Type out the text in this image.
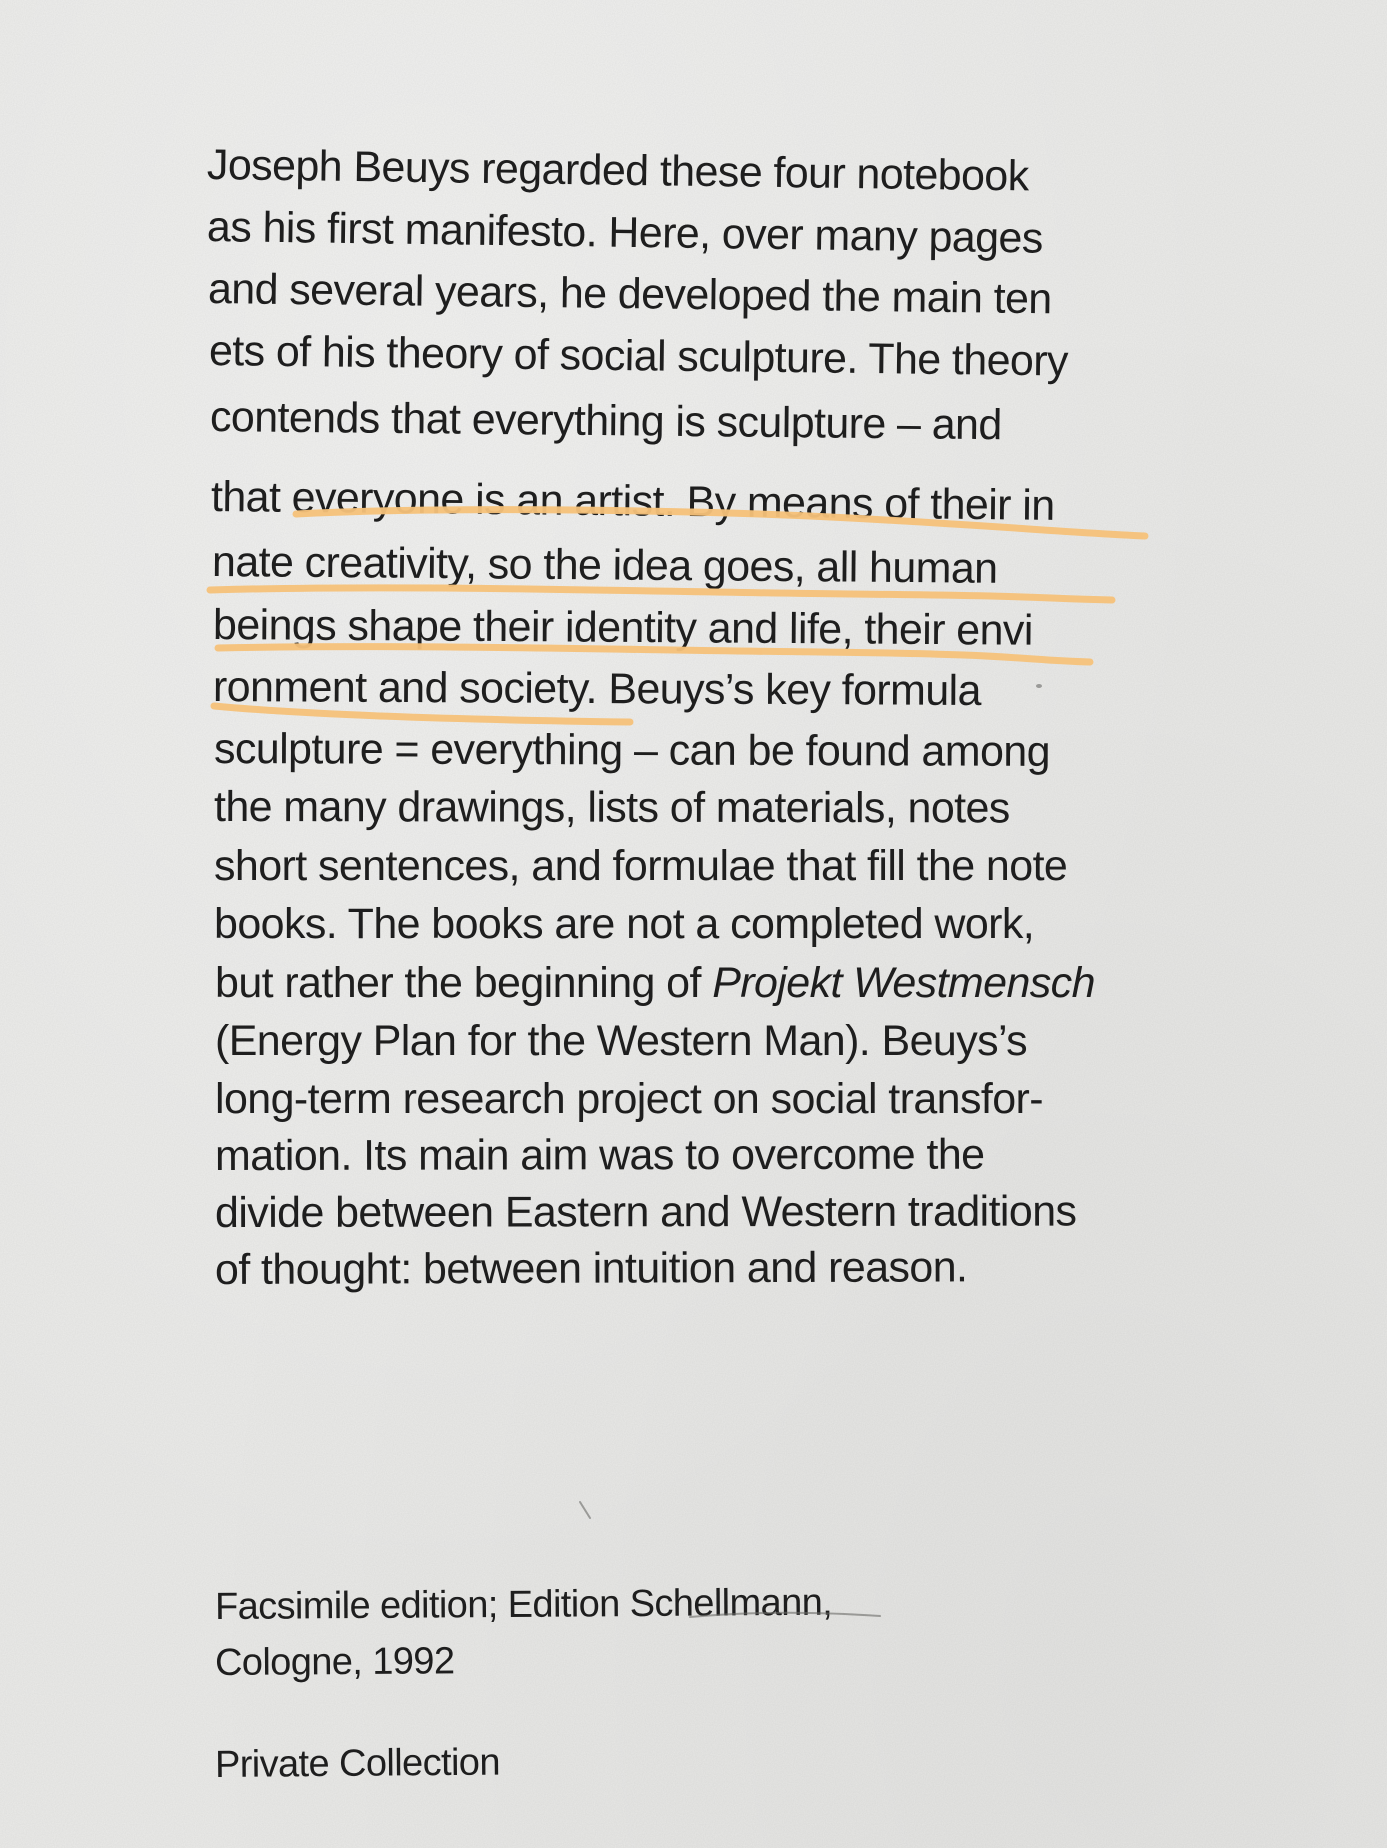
Joseph Beuys regarded these four notebook
as his first manifesto. Here, over many pages
and several years, he developed the main ten
ets of his theory of social sculpture. The theory
contends that everything is sculpture – and
that everyone is an artist. By means of their in
nate creativity, so the idea goes, all human
beings shape their identity and life, their envi
ronment and society. Beuys’s key formula
sculpture = everything – can be found among
the many drawings, lists of materials, notes
short sentences, and formulae that fill the note
books. The books are not a completed work,
but rather the beginning of Projekt Westmensch
(Energy Plan for the Western Man). Beuys’s
long-term research project on social transfor-
mation. Its main aim was to overcome the
divide between Eastern and Western traditions
of thought: between intuition and reason.
Facsimile edition; Edition Schellmann,
Cologne, 1992
Private Collection
